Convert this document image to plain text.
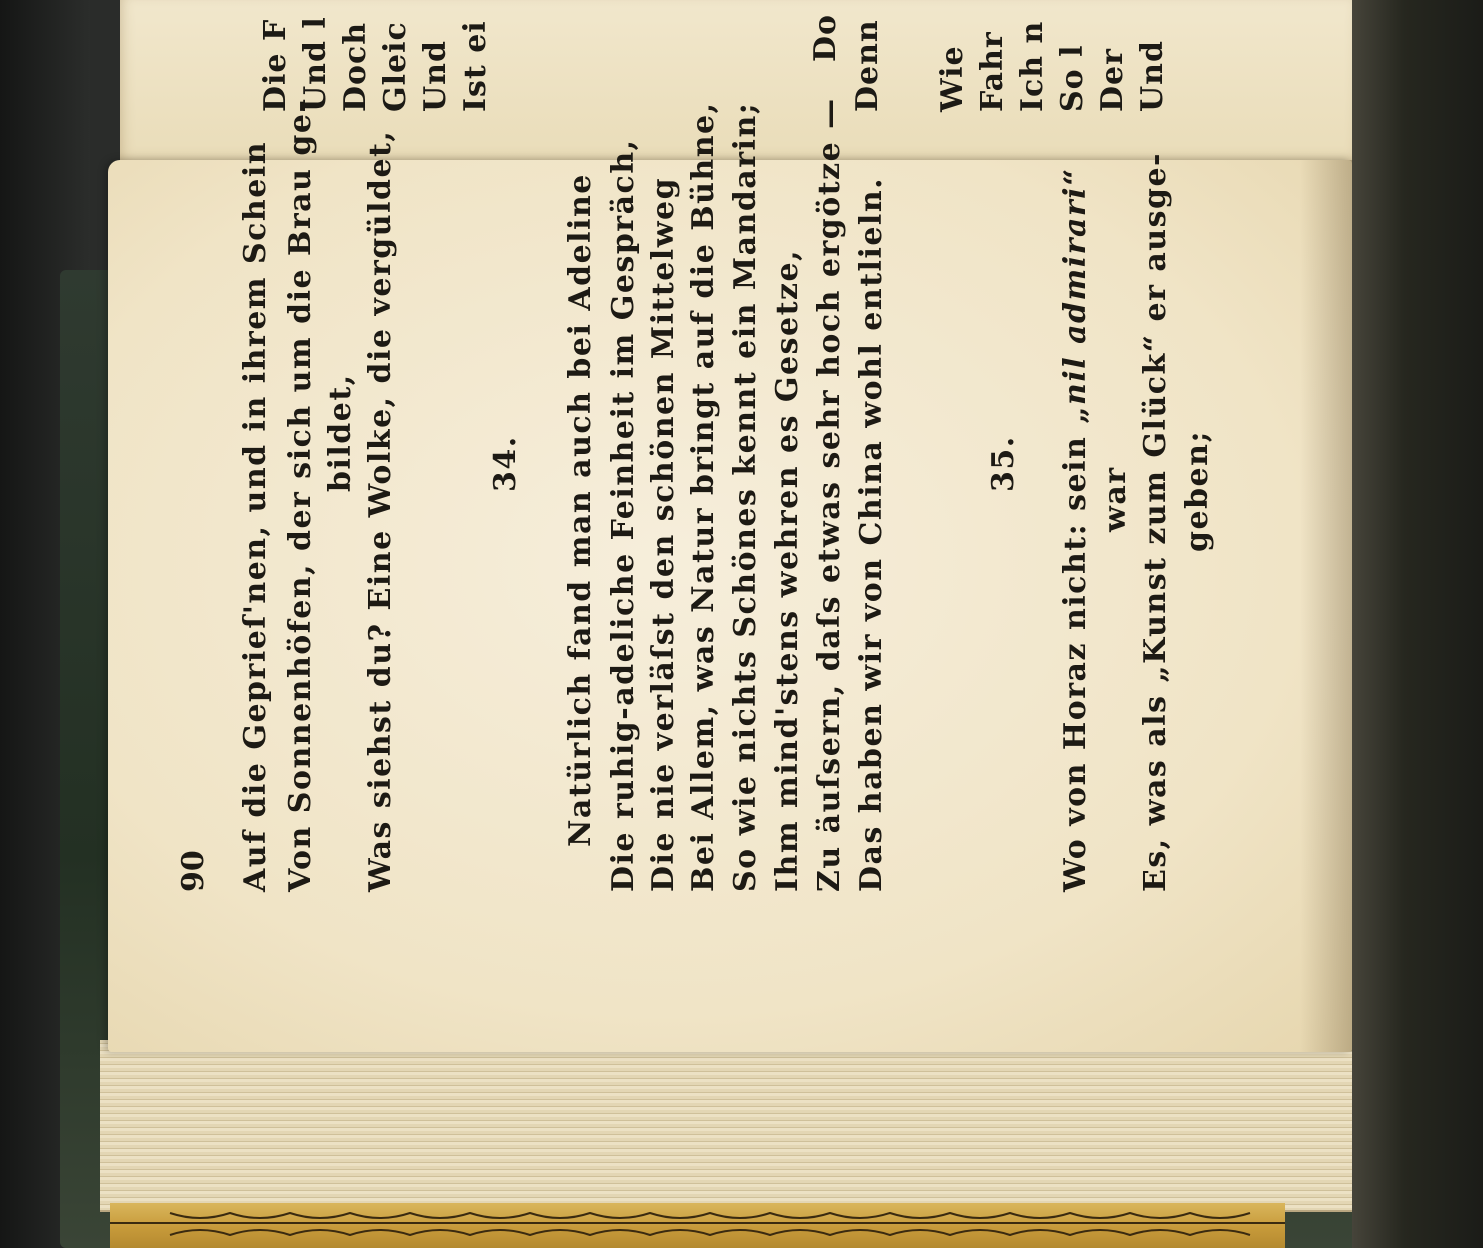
Die F Und l Doch Gleic Und Ist ei	Do Denn Wie Fahr Ich n So l Der Und
90 Auf die Geprieſ'nen, und in ihrem Schein Von Sonnenhöfen, der sich um die Brau ge- bildet, Was siehst du? Eine Wolke, die vergüldet,	34. Natürlich fand man auch bei Adeline Die ruhig-adeliche Feinheit im Gespräch, Die nie verläſst den schönen Mittelweg Bei Allem, was Natur bringt auf die Bühne, So wie nichts Schönes kennt ein Mandarin; Ihm mind'stens wehren es Gesetze, Zu äuſsern, daſs etwas sehr hoch ergötze — Das haben wir von China wohl entlieln.	35. Wo von Horaz nicht: sein „nil admirari“
war Es, was als „Kunst zum Glück“ er ausge- geben;
